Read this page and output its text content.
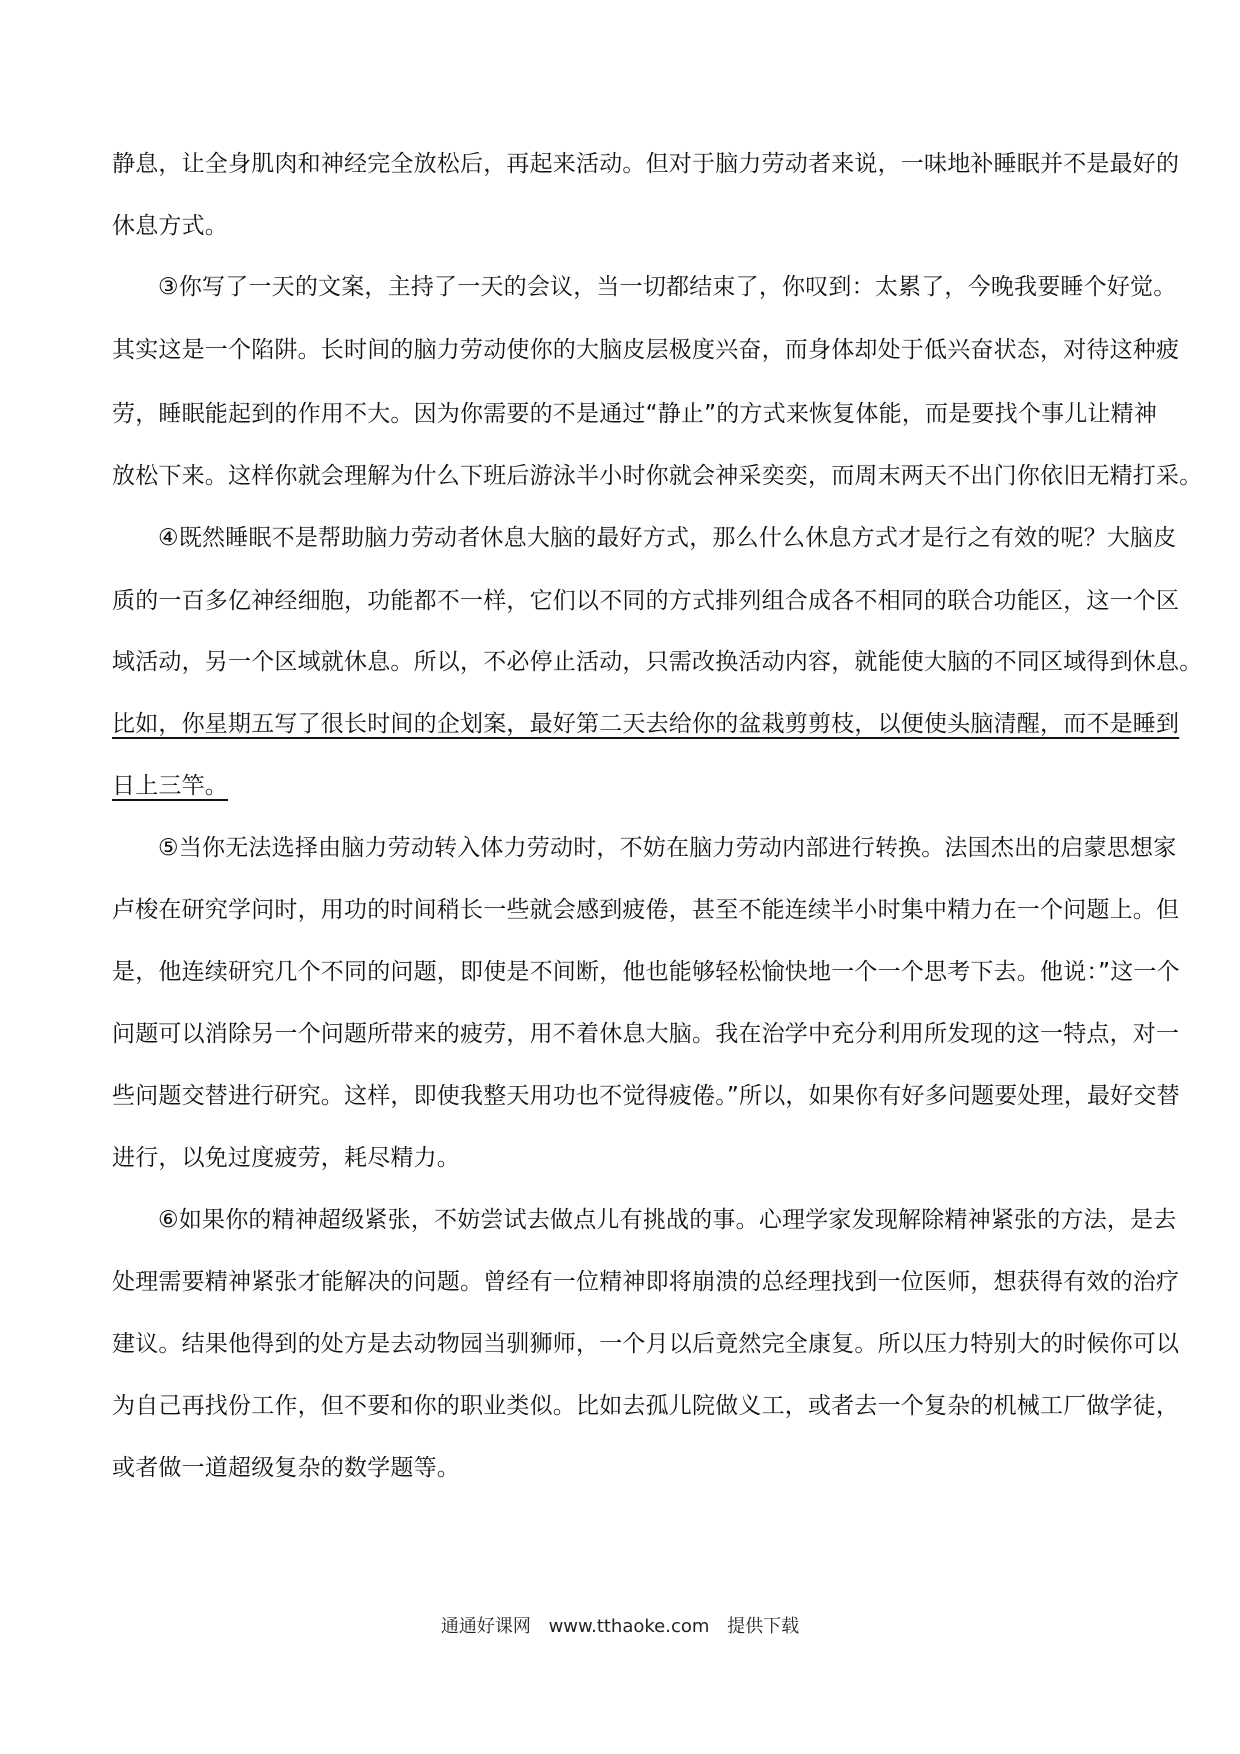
静息，让全身肌肉和神经完全放松后，再起来活动。但对于脑力劳动者来说，一味地补睡眠并不是最好的
休息方式。
③你写了一天的文案，主持了一天的会议，当一切都结束了，你叹到：太累了，今晚我要睡个好觉。
其实这是一个陷阱。长时间的脑力劳动使你的大脑皮层极度兴奋，而身体却处于低兴奋状态，对待这种疲
劳，睡眠能起到的作用不大。因为你需要的不是通过“静止”的方式来恢复体能，而是要找个事儿让精神
放松下来。这样你就会理解为什么下班后游泳半小时你就会神采奕奕，而周末两天不出门你依旧无精打采。
④既然睡眠不是帮助脑力劳动者休息大脑的最好方式，那么什么休息方式才是行之有效的呢？大脑皮
质的一百多亿神经细胞，功能都不一样，它们以不同的方式排列组合成各不相同的联合功能区，这一个区
域活动，另一个区域就休息。所以，不必停止活动，只需改换活动内容，就能使大脑的不同区域得到休息。
比如，你星期五写了很长时间的企划案，最好第二天去给你的盆栽剪剪枝，以便使头脑清醒，而不是睡到
日上三竿。
⑤当你无法选择由脑力劳动转入体力劳动时，不妨在脑力劳动内部进行转换。法国杰出的启蒙思想家
卢梭在研究学问时，用功的时间稍长一些就会感到疲倦，甚至不能连续半小时集中精力在一个问题上。但
是，他连续研究几个不同的问题，即使是不间断，他也能够轻松愉快地一个一个思考下去。他说：”这一个
问题可以消除另一个问题所带来的疲劳，用不着休息大脑。我在治学中充分利用所发现的这一特点，对一
些问题交替进行研究。这样，即使我整天用功也不觉得疲倦。”所以，如果你有好多问题要处理，最好交替
进行，以免过度疲劳，耗尽精力。
⑥如果你的精神超级紧张，不妨尝试去做点儿有挑战的事。心理学家发现解除精神紧张的方法，是去
处理需要精神紧张才能解决的问题。曾经有一位精神即将崩溃的总经理找到一位医师，想获得有效的治疗
建议。结果他得到的处方是去动物园当驯狮师，一个月以后竟然完全康复。所以压力特别大的时候你可以
为自己再找份工作，但不要和你的职业类似。比如去孤儿院做义工，或者去一个复杂的机械工厂做学徒，
或者做一道超级复杂的数学题等。
通通好课网 www.tthaoke.com 提供下载
